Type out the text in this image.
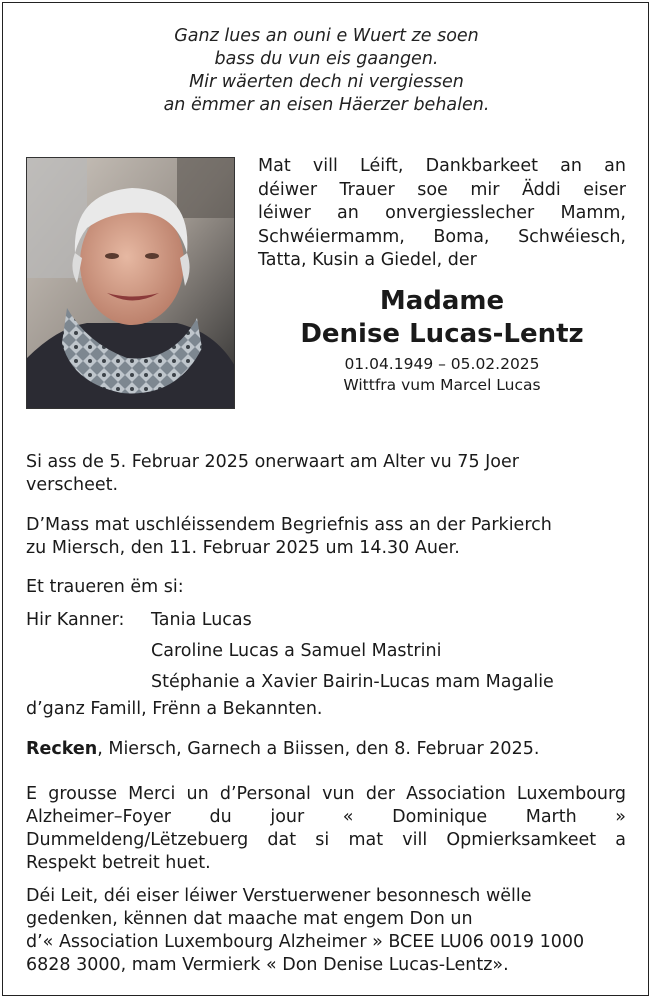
Ganz lues an ouni e Wuert ze soen
bass du vun eis gaangen.
Mir wäerten dech ni vergiessen
an ëmmer an eisen Häerzer behalen.
Mat vill Léift, Dankbarkeet an an
déiwer Trauer soe mir Äddi eiser
léiwer an onvergiesslecher Mamm,
Schwéiermamm, Boma, Schwéiesch,
Tatta, Kusin a Giedel, der
Madame
Denise Lucas-Lentz
01.04.1949 – 05.02.2025
Wittfra vum Marcel Lucas
Si ass de 5. Februar 2025 onerwaart am Alter vu 75 Joer
verscheet.
D’Mass mat uschléissendem Begriefnis ass an der Parkierch
zu Miersch, den 11. Februar 2025 um 14.30 Auer.
Et traueren ëm si:
Hir Kanner:	Tania Lucas
Caroline Lucas a Samuel Mastrini
Stéphanie a Xavier Bairin-Lucas mam Magalie
d’ganz Famill, Frënn a Bekannten.
Recken, Miersch, Garnech a Biissen, den 8. Februar 2025.
E grousse Merci un d’Personal vun der Association Luxembourg
Alzheimer–Foyer du jour « Dominique Marth »
Dummeldeng/Lëtzebuerg dat si mat vill Opmierksamkeet a
Respekt betreit huet.
Déi Leit, déi eiser léiwer Verstuerwener besonnesch wëlle
gedenken, kënnen dat maache mat engem Don un
d’« Association Luxembourg Alzheimer » BCEE LU06 0019 1000
6828 3000, mam Vermierk « Don Denise Lucas-Lentz».
